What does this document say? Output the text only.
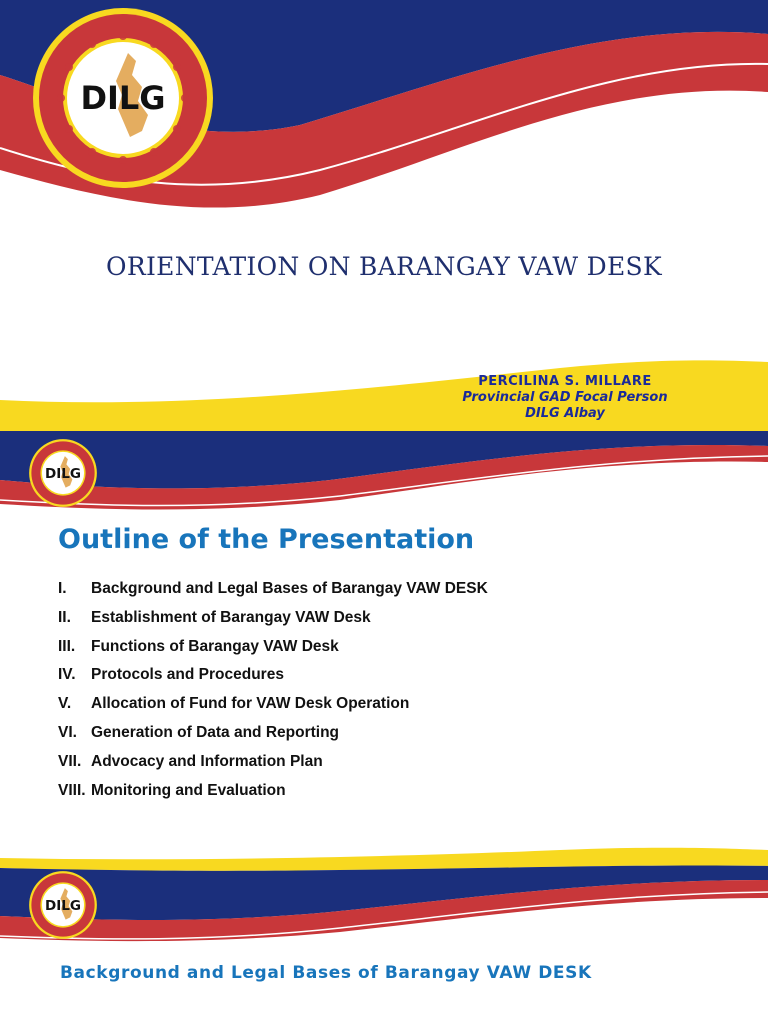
DILG
ORIENTATION ON BARANGAY VAW DESK
PERCILINA S. MILLARE
Provincial GAD Focal Person
DILG Albay
DILG
Outline of the Presentation
I.	Background and Legal Bases of Barangay VAW DESK
II.	Establishment of Barangay VAW Desk
III.	Functions of Barangay VAW Desk
IV. Protocols and Procedures
V.	Allocation of Fund for VAW Desk Operation
VI. Generation of Data and Reporting
VII. Advocacy and Information Plan
VIII. Monitoring and Evaluation
DILG
Background and Legal Bases of Barangay VAW DESK
